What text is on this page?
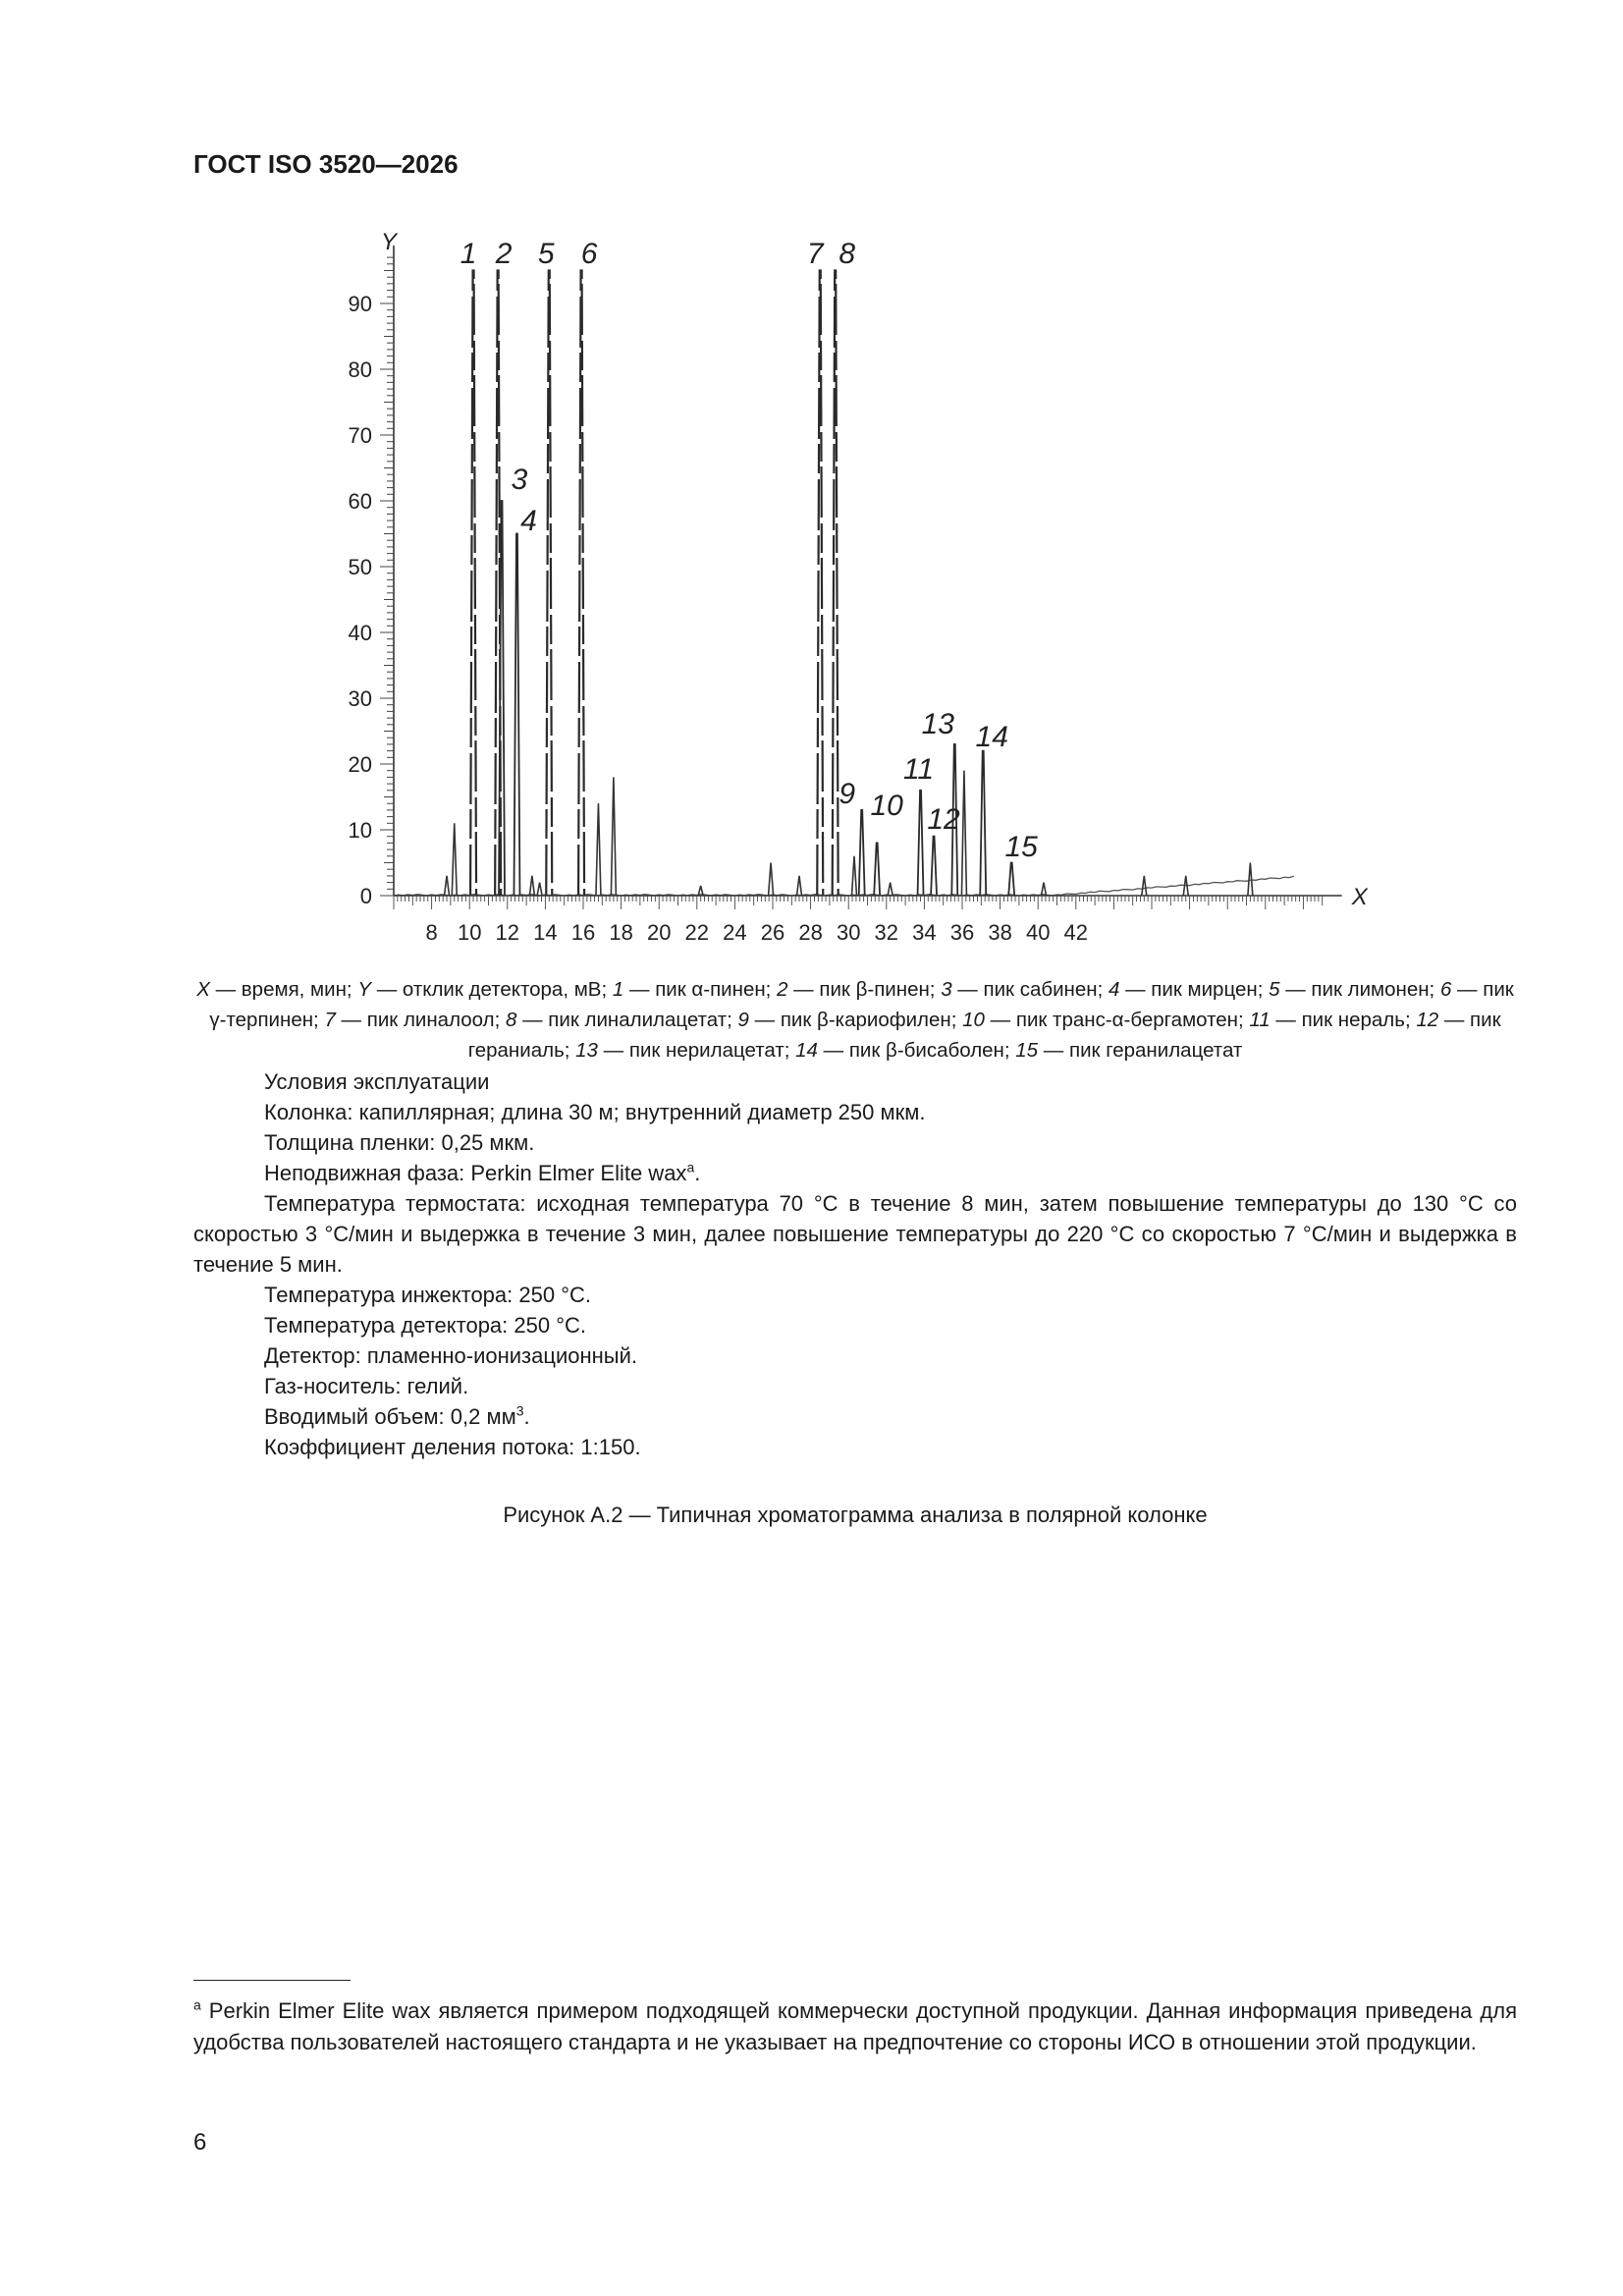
ГОСТ ISO 3520—2026
0
10
20
30
40
50
60
70
80
90
Y
8 10 12 14 16 18 20 22 24 26 28 30 32 34 36 38 40 42
X
1 2
3
4
5 6	7 8
9 10
11
12
13 14
15
X — время, мин; Y — отклик детектора, мВ; 1 — пик α-пинен; 2 — пик β-пинен; 3 — пик сабинен; 4 — пик мирцен; 5 — пик лимонен; 6 — пик γ-терпинен; 7 — пик линалоол; 8 — пик линалилацетат; 9 — пик β-кариофилен; 10 — пик транс-α-бергамотен; 11 — пик нераль; 12 — пик гераниаль; 13 — пик нерилацетат; 14 — пик β-бисаболен; 15 — пик геранилацетат

Условия эксплуатации

Колонка: капиллярная; длина 30 м; внутренний диаметр 250 мкм.

Толщина пленки: 0,25 мкм.

Неподвижная фаза: Perkin Elmer Elite wax$^a$.

Температура термостата: исходная температура 70 °С в течение 8 мин, затем повышение температуры до 130 °С со скоростью 3 °С/мин и выдержка в течение 3 мин, далее повышение температуры до 220 °С со скоростью 7 °С/мин и выдержка в течение 5 мин.

Температура инжектора: 250 °С.

Температура детектора: 250 °С.

Детектор: пламенно-ионизационный.

Газ-носитель: гелий.

Вводимый объем: 0,2 $мм^3$.

Коэффициент деления потока: 1:150.

Рисунок А.2 — Типичная хроматограмма анализа в полярной колонке
$^a$ Perkin Elmer Elite wax является примером подходящей коммерчески доступной продукции. Данная информация приведена для удобства пользователей настоящего стандарта и не указывает на предпочтение со стороны ИСО в отношении этой продукции.
6
